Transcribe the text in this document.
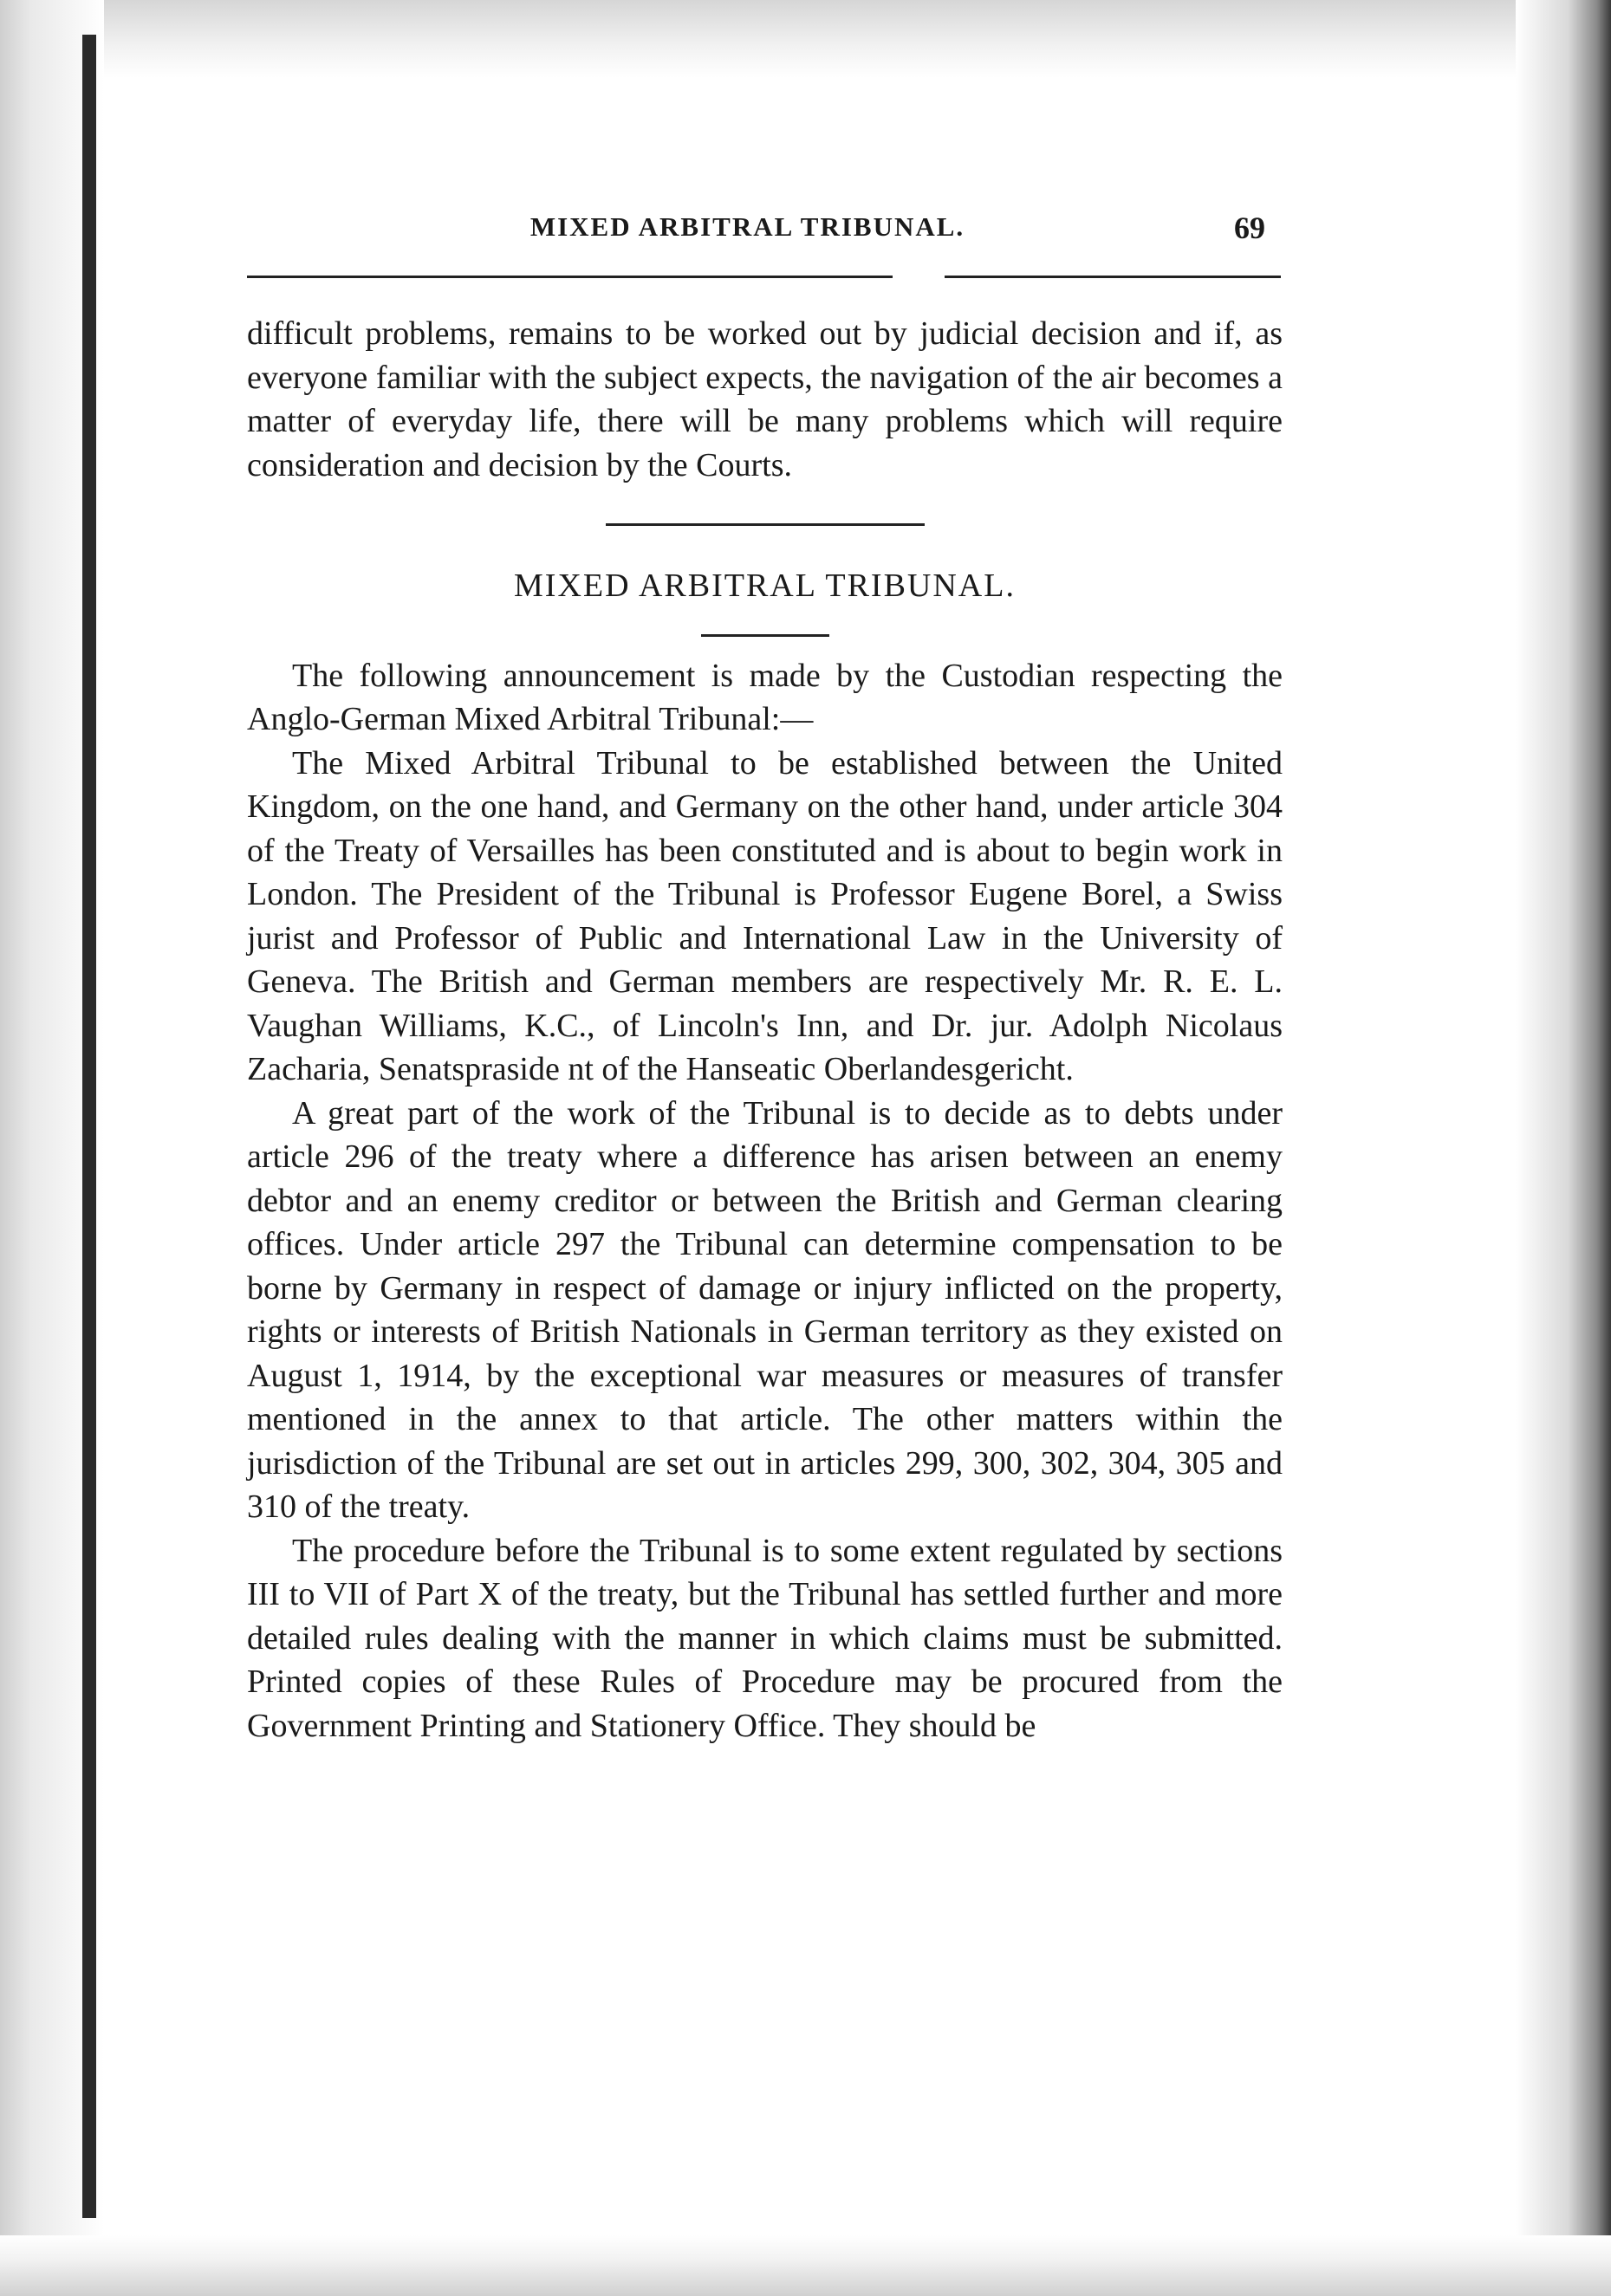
MIXED ARBITRAL TRIBUNAL.	69

difficult problems, remains to be worked out by judicial decision and if, as everyone familiar with the subject expects, the navigation of the air becomes a matter of everyday life, there will be many problems which will require consideration and decision by the Courts.

MIXED ARBITRAL TRIBUNAL.

The following announcement is made by the Custodian respecting the Anglo-German Mixed Arbitral Tribunal:—

The Mixed Arbitral Tribunal to be established between the United Kingdom, on the one hand, and Germany on the other hand, under article 304 of the Treaty of Versailles has been constituted and is about to begin work in London. The President of the Tribunal is Professor Eugene Borel, a Swiss jurist and Professor of Public and International Law in the University of Geneva. The British and German members are respectively Mr. R. E. L. Vaughan Williams, K.C., of Lincoln's Inn, and Dr. jur. Adolph Nicolaus Zacharia, Senatspraside nt of the Hanseatic Oberlandesgericht.

A great part of the work of the Tribunal is to decide as to debts under article 296 of the treaty where a difference has arisen between an enemy debtor and an enemy creditor or between the British and German clearing offices. Under article 297 the Tribunal can determine compensation to be borne by Germany in respect of damage or injury inflicted on the property, rights or interests of British Nationals in German territory as they existed on August 1, 1914, by the exceptional war measures or measures of transfer mentioned in the annex to that article. The other matters within the jurisdiction of the Tribunal are set out in articles 299, 300, 302, 304, 305 and 310 of the treaty.

The procedure before the Tribunal is to some extent regulated by sections III to VII of Part X of the treaty, but the Tribunal has settled further and more detailed rules dealing with the manner in which claims must be submitted. Printed copies of these Rules of Procedure may be procured from the Government Printing and Stationery Office. They should be
